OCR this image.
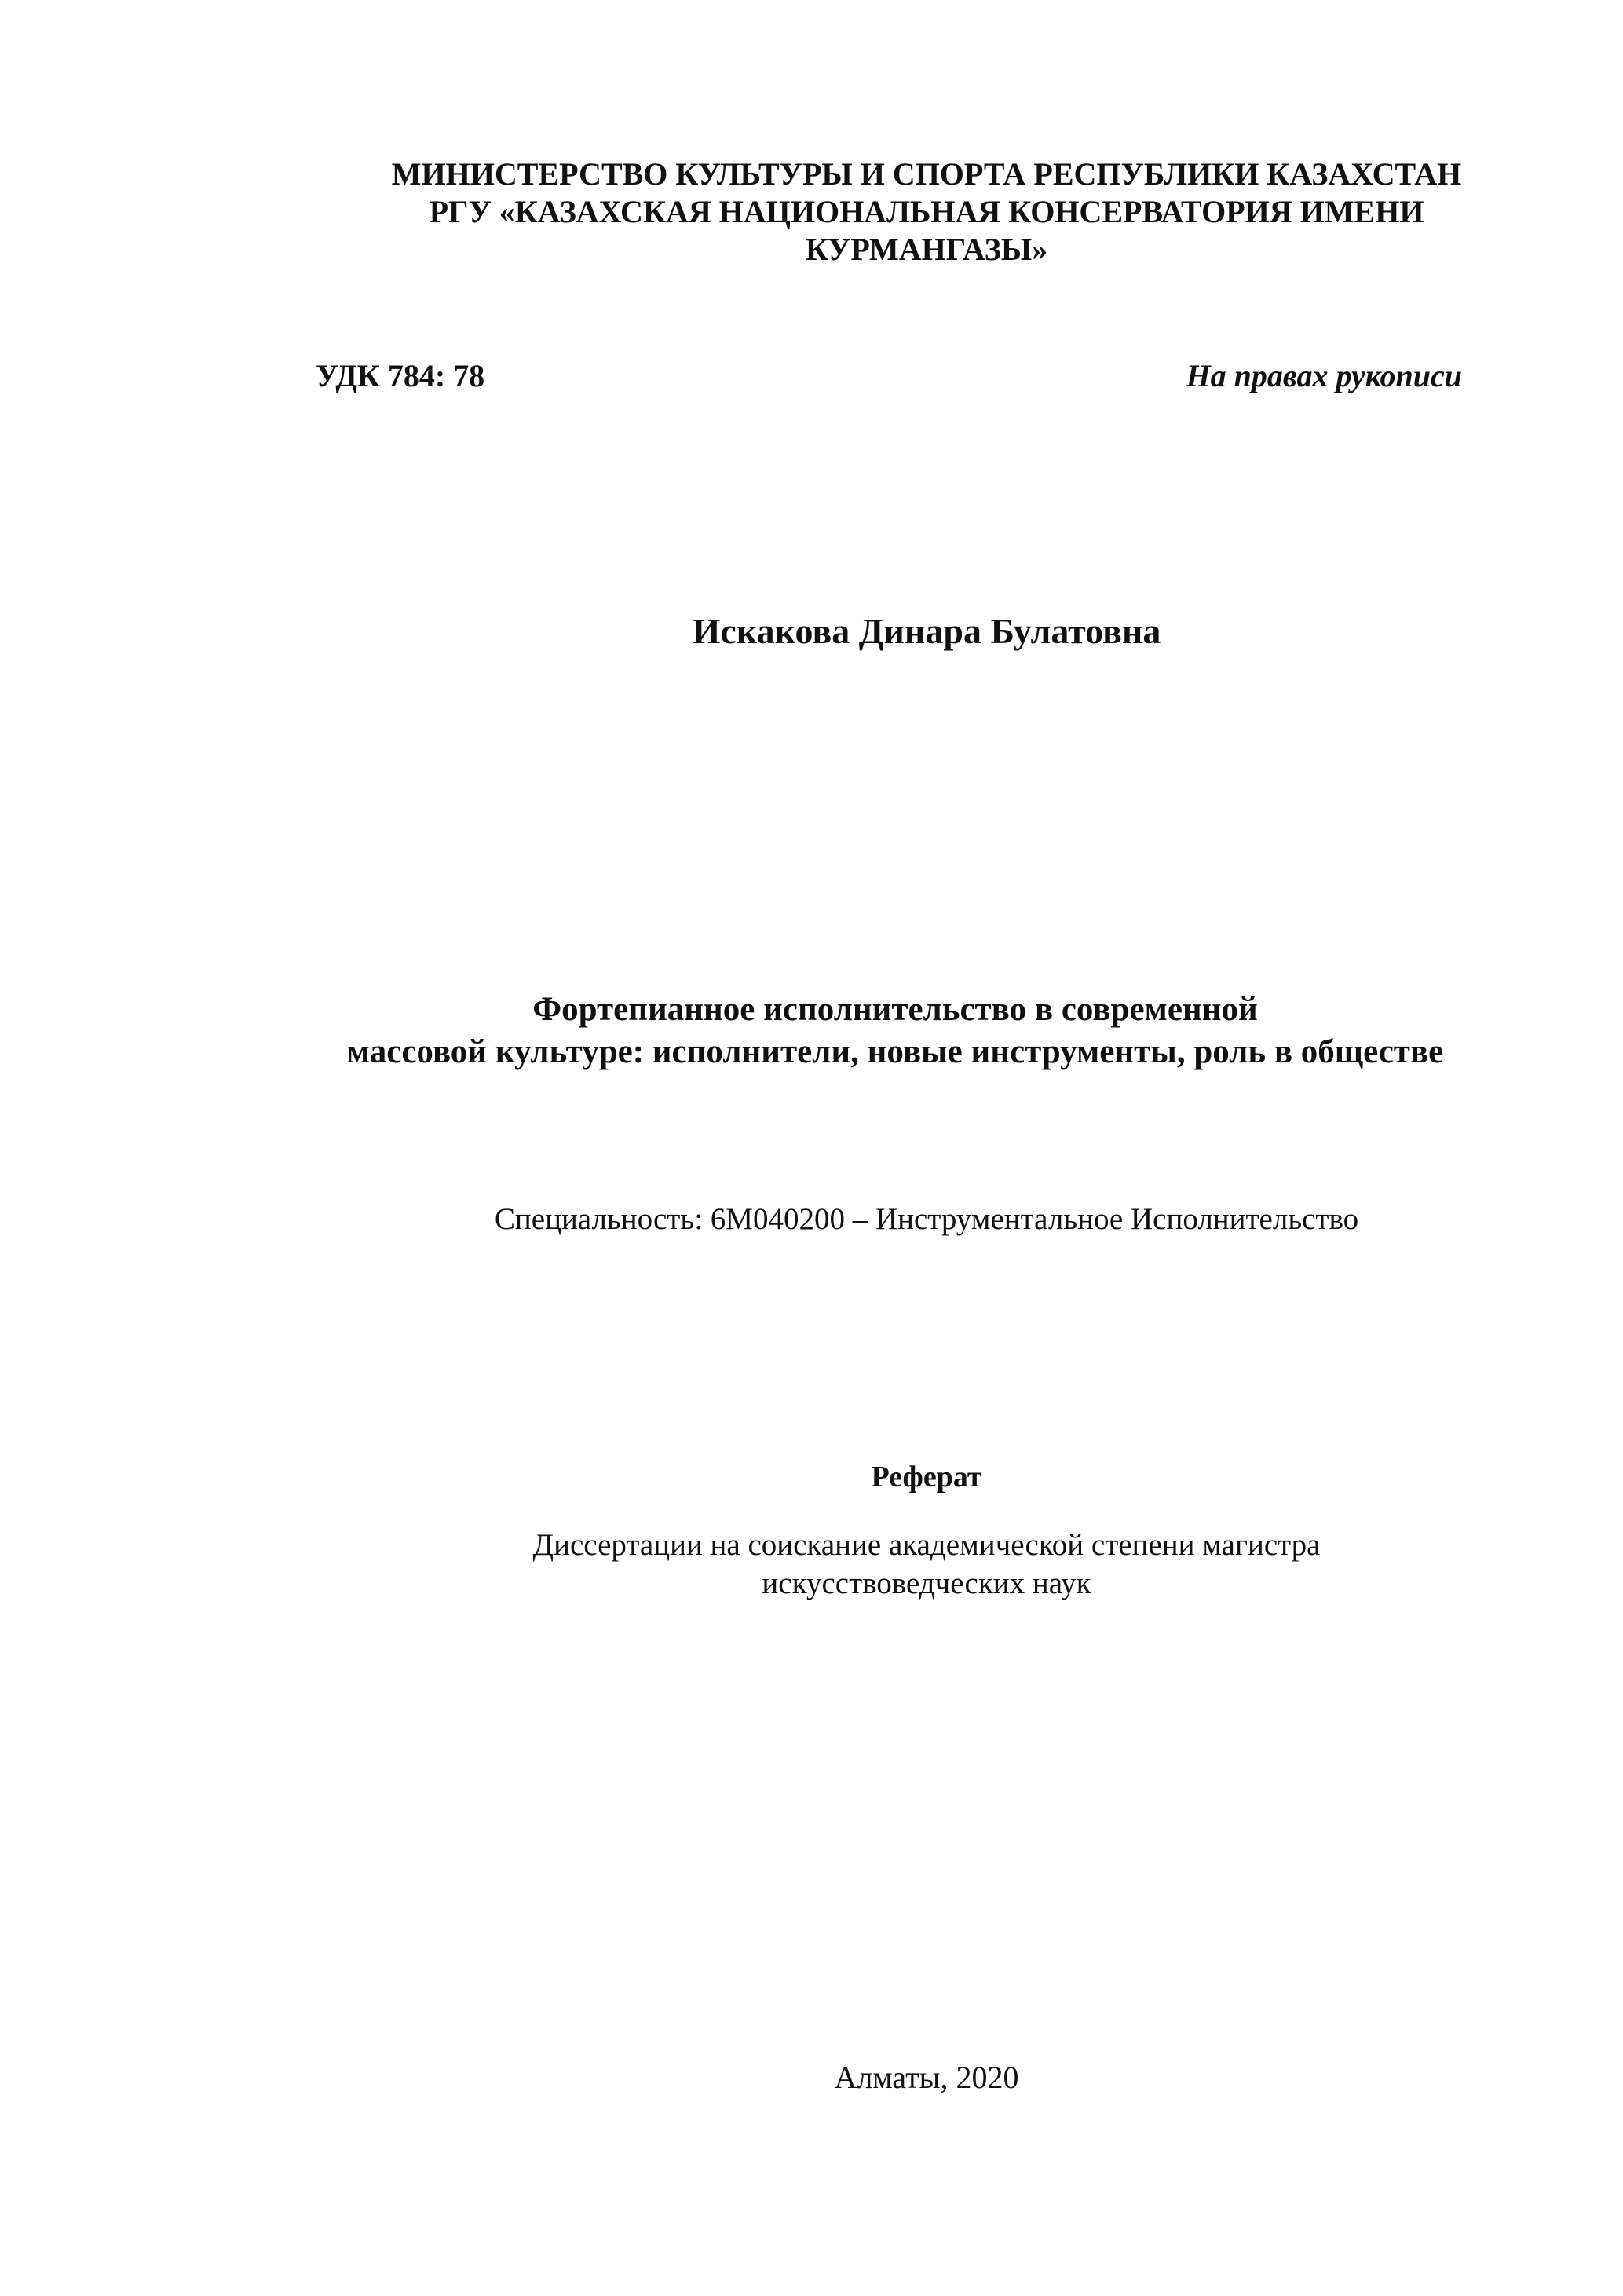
МИНИСТЕРСТВО КУЛЬТУРЫ И СПОРТА РЕСПУБЛИКИ КАЗАХСТАН

РГУ «КАЗАХСКАЯ НАЦИОНАЛЬНАЯ КОНСЕРВАТОРИЯ ИМЕНИ

КУРМАНГАЗЫ»

УДК 784: 78	На правах рукописи

Искакова Динара Булатовна

Фортепианное исполнительство в современной

массовой культуре: исполнители, новые инструменты, роль в обществе

Специальность: 6М040200 – Инструментальное Исполнительство

Реферат

Диссертации на соискание академической степени магистра

искусствоведческих наук

Алматы, 2020
